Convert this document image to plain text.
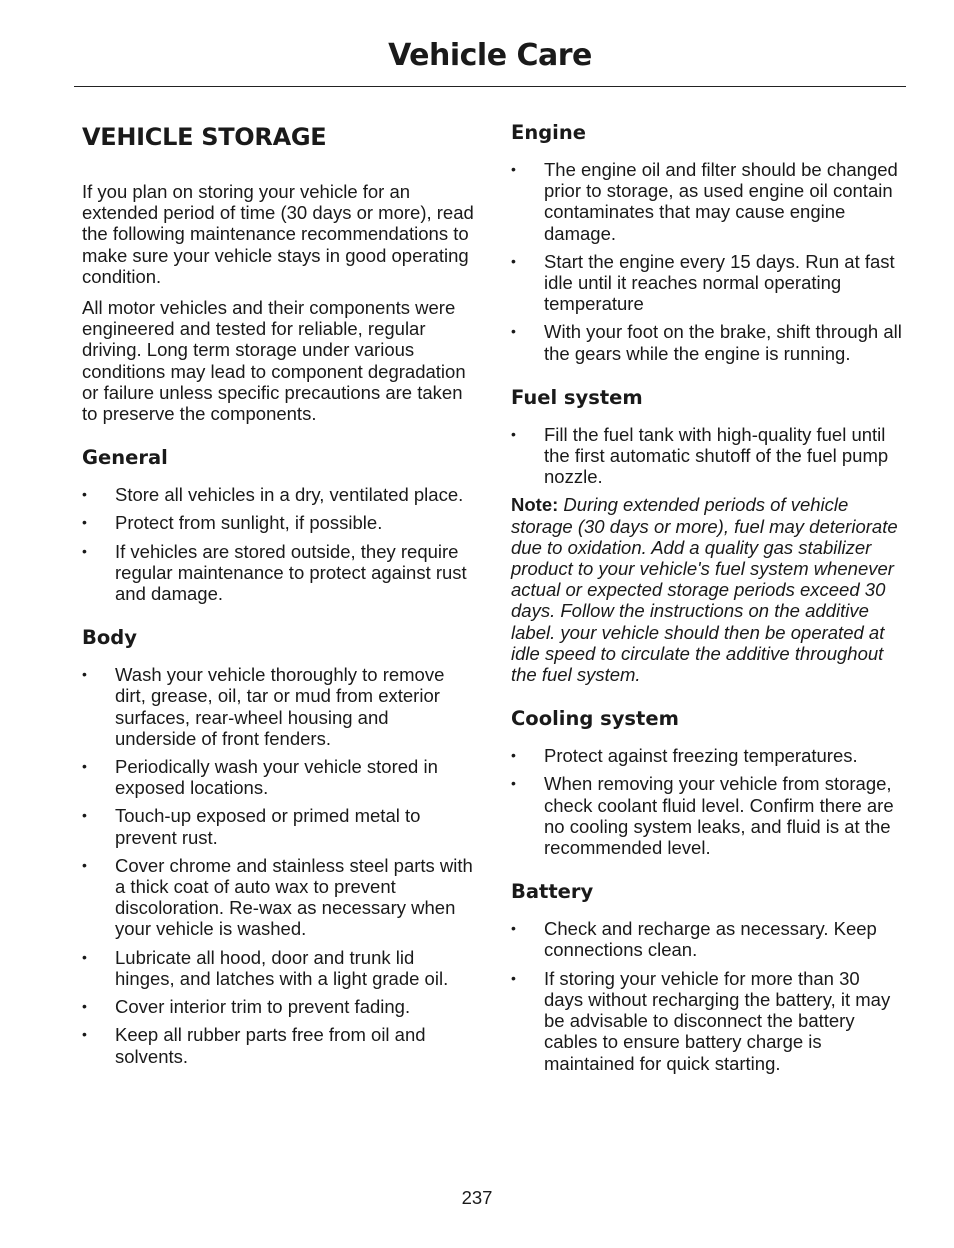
Vehicle Care
VEHICLE STORAGE

If you plan on storing your vehicle for an extended period of time (30 days or more), read the following maintenance recommendations to make sure your vehicle stays in good operating condition.

All motor vehicles and their components were engineered and tested for reliable, regular driving. Long term storage under various conditions may lead to component degradation or failure unless specific precautions are taken to preserve the components.

General
• Store all vehicles in a dry, ventilated place.
• Protect from sunlight, if possible.
• If vehicles are stored outside, they require regular maintenance to protect against rust and damage.
Body
• Wash your vehicle thoroughly to remove dirt, grease, oil, tar or mud from exterior surfaces, rear-wheel housing and underside of front fenders.
• Periodically wash your vehicle stored in exposed locations.
• Touch-up exposed or primed metal to prevent rust.
• Cover chrome and stainless steel parts with a thick coat of auto wax to prevent discoloration. Re-wax as necessary when your vehicle is washed.
• Lubricate all hood, door and trunk lid hinges, and latches with a light grade oil.
• Cover interior trim to prevent fading.
• Keep all rubber parts free from oil and solvents.
Engine
• The engine oil and filter should be changed prior to storage, as used engine oil contain contaminates that may cause engine damage.
• Start the engine every 15 days. Run at fast idle until it reaches normal operating temperature
• With your foot on the brake, shift through all the gears while the engine is running.
Fuel system
• Fill the fuel tank with high-quality fuel until the first automatic shutoff of the fuel pump nozzle.

Note: During extended periods of vehicle storage (30 days or more), fuel may deteriorate due to oxidation. Add a quality gas stabilizer product to your vehicle's fuel system whenever actual or expected storage periods exceed 30 days. Follow the instructions on the additive label. your vehicle should then be operated at idle speed to circulate the additive throughout the fuel system.

Cooling system
• Protect against freezing temperatures.
• When removing your vehicle from storage, check coolant fluid level. Confirm there are no cooling system leaks, and fluid is at the recommended level.
Battery
• Check and recharge as necessary. Keep connections clean.
• If storing your vehicle for more than 30 days without recharging the battery, it may be advisable to disconnect the battery cables to ensure battery charge is maintained for quick starting.
237
